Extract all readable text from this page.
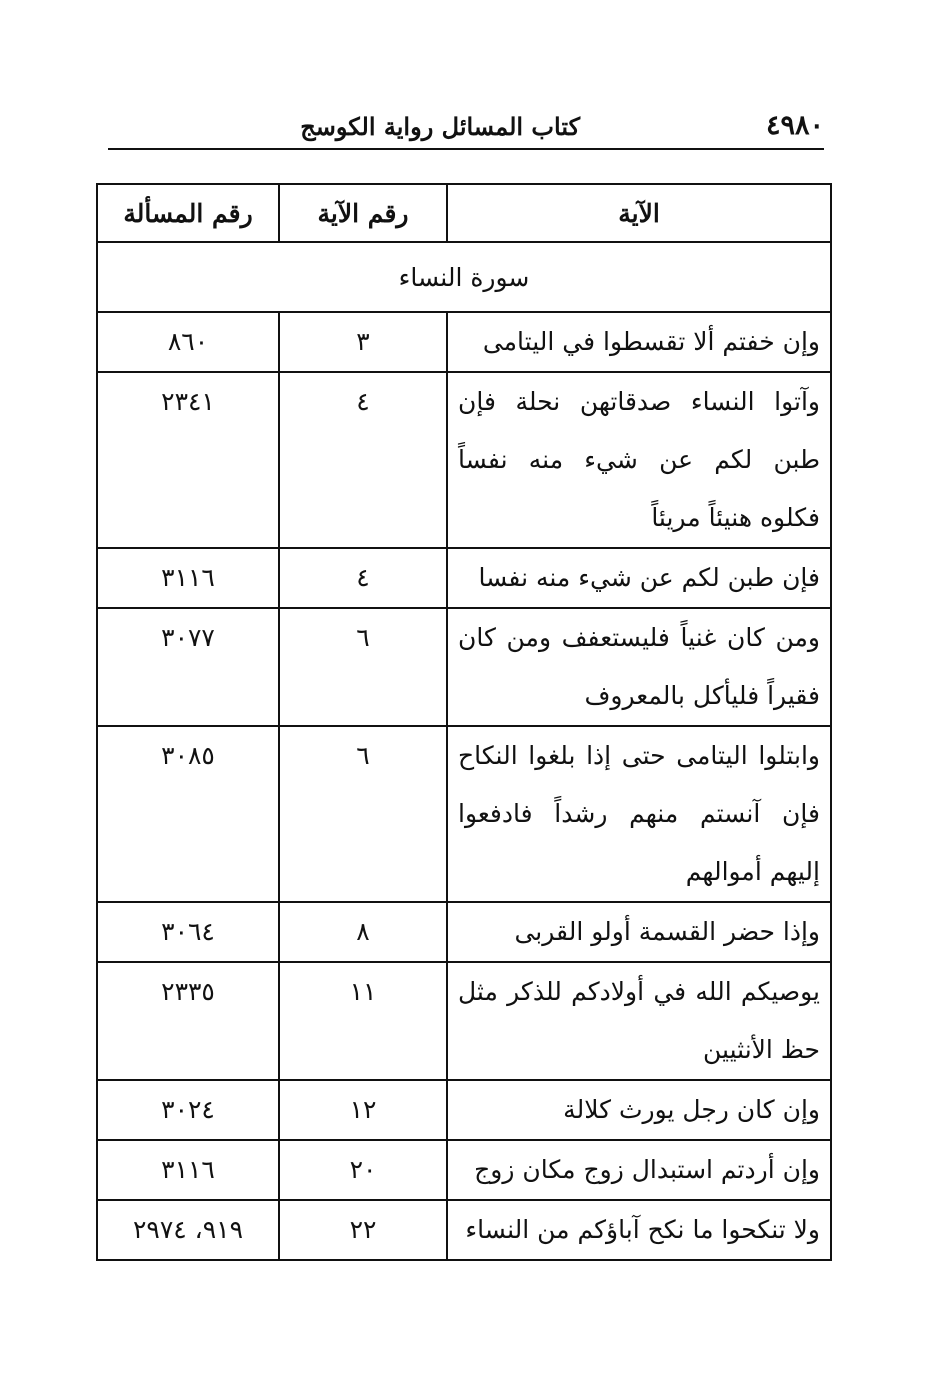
٤٩٨٠
كتاب المسائل رواية الكوسج
الآية	رقم الآية	رقم المسألة
سورة النساء		
وإن خفتم ألا تقسطوا في اليتامى	٣	٨٦٠
وآتوا النساء صدقاتهن نحلة فإن طبن لكم عن شيء منه نفساً فكلوه هنيئاً مريئاً	٤	٢٣٤١
فإن طبن لكم عن شيء منه نفسا	٤	٣١١٦
ومن كان غنياً فليستعفف ومن كان فقيراً فليأكل بالمعروف	٦	٣٠٧٧
وابتلوا اليتامى حتى إذا بلغوا النكاح فإن آنستم منهم رشداً فادفعوا إليهم أموالهم	٦	٣٠٨٥
وإذا حضر القسمة أولو القربى	٨	٣٠٦٤
يوصيكم الله في أولادكم للذكر مثل حظ الأنثيين	١١	٢٣٣٥
وإن كان رجل يورث كلالة	١٢	٣٠٢٤
وإن أردتم استبدال زوج مكان زوج	٢٠	٣١١٦
ولا تنكحوا ما نكح آباؤكم من النساء	٢٢	٩١٩، ٢٩٧٤
